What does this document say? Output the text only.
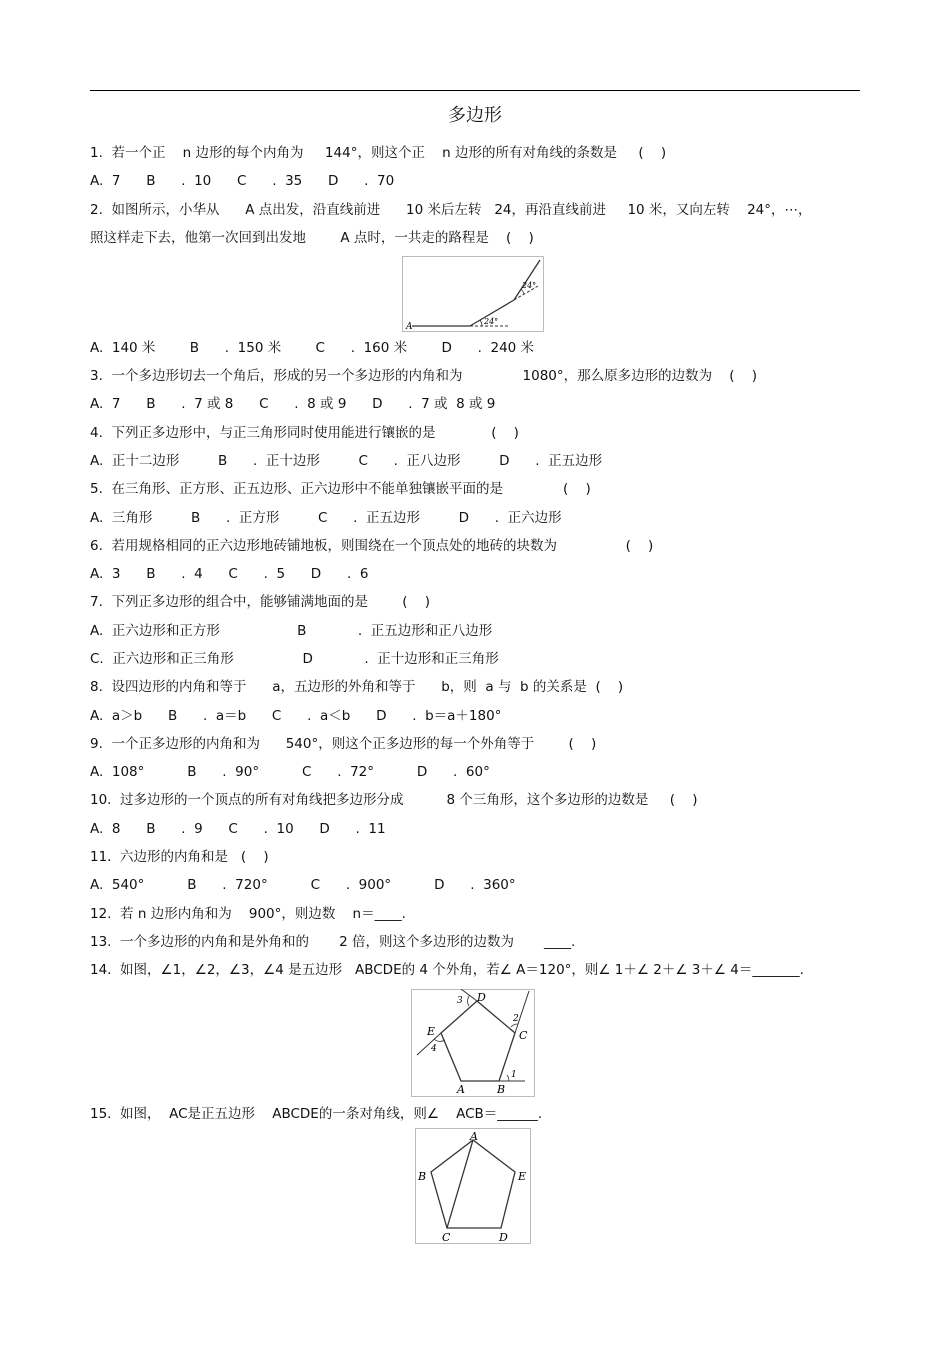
多边形
1.  若一个正    n 边形的每个内角为     144°，则这个正    n 边形的所有对角线的条数是     (    )
A.  7      B      .  10      C      .  35      D      .  70
2.  如图所示，小华从      A 点出发，沿直线前进      10 米后左转   24，再沿直线前进     10 米，又向左转    24°，⋯，
照这样走下去，他第一次回到出发地        A 点时，一共走的路程是    (    )
A
24°
24°
A.  140 米        B      .  150 米        C      .  160 米        D      .  240 米
3.  一个多边形切去一个角后，形成的另一个多边形的内角和为              1080°，那么原多边形的边数为    (    )
A.  7      B      .  7 或 8      C      .  8 或 9      D      .  7 或  8 或 9
4.  下列正多边形中，与正三角形同时使用能进行镶嵌的是             (    )
A.  正十二边形         B      .  正十边形         C      .  正八边形         D      .  正五边形
5.  在三角形、正方形、正五边形、正六边形中不能单独镶嵌平面的是              (    )
A.  三角形         B      .  正方形         C      .  正五边形         D      .  正六边形
6.  若用规格相同的正六边形地砖铺地板，则围绕在一个顶点处的地砖的块数为                (    )
A.  3      B      .  4      C      .  5      D      .  6
7.  下列正多边形的组合中，能够铺满地面的是        (    )
A.  正六边形和正方形                  B            .  正五边形和正八边形
C.  正六边形和正三角形                D            .  正十边形和正三角形
8.  设四边形的内角和等于      a，五边形的外角和等于      b，则  a 与  b 的关系是  (    )
A.  a＞b      B      .  a＝b      C      .  a＜b      D      .  b＝a＋180°
9.  一个正多边形的内角和为      540°，则这个正多边形的每一个外角等于        (    )
A.  108°          B      .  90°          C      .  72°          D      .  60°
10.  过多边形的一个顶点的所有对角线把多边形分成          8 个三角形，这个多边形的边数是     (    )
A.  8      B      .  9      C      .  10      D      .  11
11.  六边形的内角和是   (    )
A.  540°          B      .  720°          C      .  900°          D      .  360°
12.  若 n 边形内角和为    900°，则边数    n＝____.
13.  一个多边形的内角和是外角和的       2 倍，则这个多边形的边数为       ____.
14.  如图，∠1，∠2，∠3，∠4 是五边形   ABCDE的 4 个外角，若∠ A＝120°，则∠ 1＋∠ 2＋∠ 3＋∠ 4＝_______.
A	B
C
D
E
1
2
3
4
15.  如图，  AC是正五边形    ABCDE的一条对角线，则∠    ACB＝______.
A
B
C	D
E
